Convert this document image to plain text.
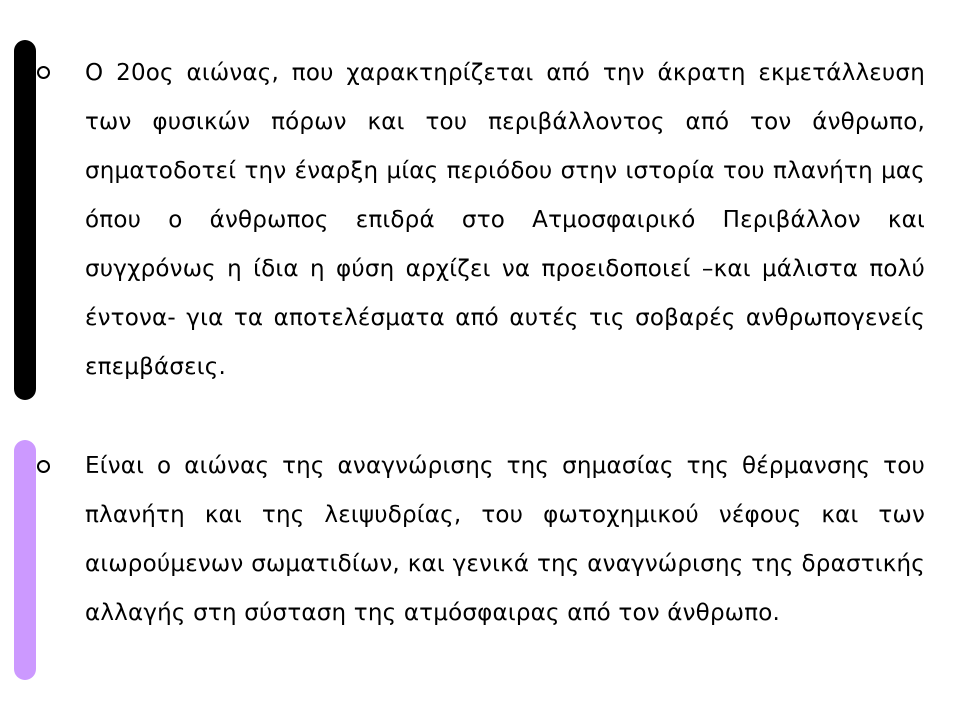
Ο 20ος αιώνας, που χαρακτηρίζεται από την άκρατη εκμετάλλευση των φυσικών πόρων και του περιβάλλοντος από τον άνθρωπο, σηματοδοτεί την έναρξη μίας περιόδου στην ιστορία του πλανήτη μας όπου ο άνθρωπος επιδρά στο Ατμοσφαιρικό Περιβάλλον και συγχρόνως η ίδια η φύση αρχίζει να προειδοποιεί –και μάλιστα πολύ έντονα- για τα αποτελέσματα από αυτές τις σοβαρές ανθρωπογενείς επεμβάσεις.

Είναι ο αιώνας της αναγνώρισης της σημασίας της θέρμανσης του πλανήτη και της λειψυδρίας, του φωτοχημικού νέφους και των αιωρούμενων σωματιδίων, και γενικά της αναγνώρισης της δραστικής αλλαγής στη σύσταση της ατμόσφαιρας από τον άνθρωπο.
